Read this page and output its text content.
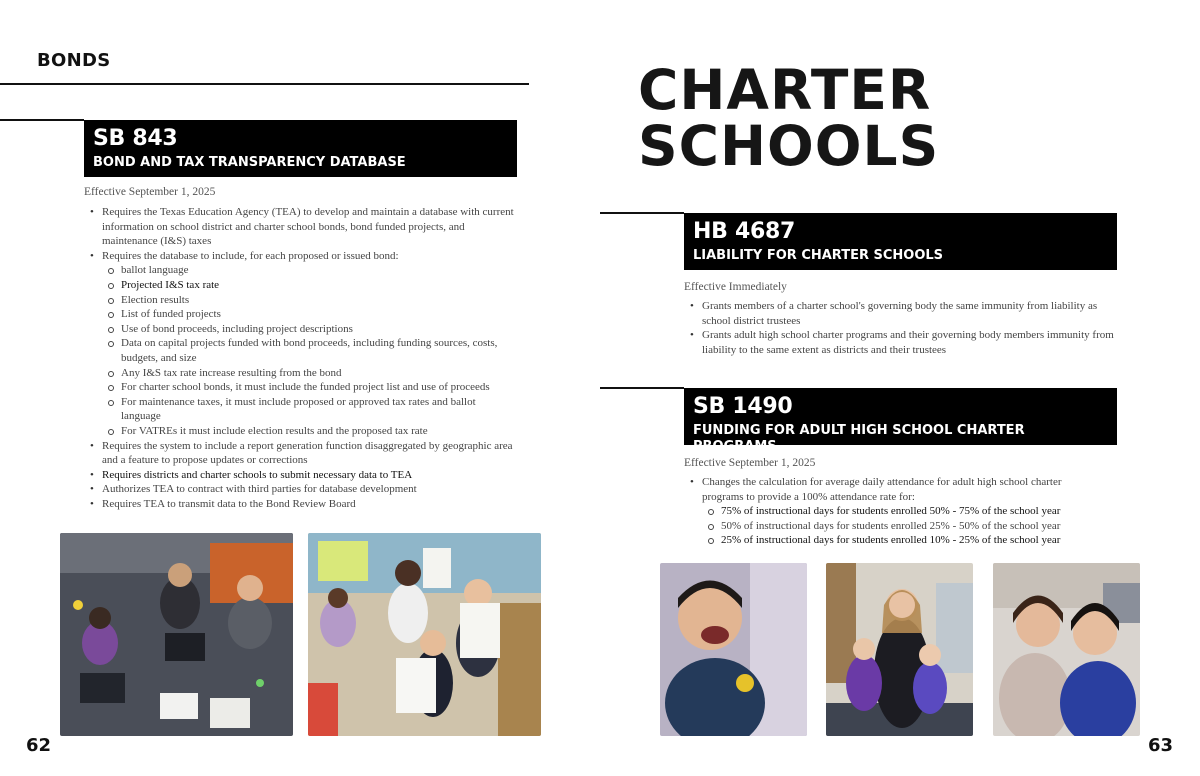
BONDS
SB 843
BOND AND TAX TRANSPARENCY DATABASE
Effective September 1, 2025
• Requires the Texas Education Agency (TEA) to develop and maintain a database with current information on school district and charter school bonds, bond funded projects, and maintenance (I&S) taxes
• Requires the database to include, for each proposed or issued bond:
ballot language
Projected I&S tax rate
Election results
List of funded projects
Use of bond proceeds, including project descriptions
Data on capital projects funded with bond proceeds, including funding sources, costs, budgets, and size
Any I&S tax rate increase resulting from the bond
For charter school bonds, it must include the funded project list and use of proceeds
For maintenance taxes, it must include proposed or approved tax rates and ballot language
For VATREs it must include election results and the proposed tax rate
• Requires the system to include a report generation function disaggregated by geographic area and a feature to propose updates or corrections
• Requires districts and charter schools to submit necessary data to TEA
• Authorizes TEA to contract with third parties for database development
• Requires TEA to transmit data to the Bond Review Board
62
CHARTER
SCHOOLS
HB 4687
LIABILITY FOR CHARTER SCHOOLS
Effective Immediately
• Grants members of a charter school's governing body the same immunity from liability as school district trustees
• Grants adult high school charter programs and their governing body members immunity from liability to the same extent as districts and their trustees
SB 1490
FUNDING FOR ADULT HIGH SCHOOL CHARTER PROGRAMS
Effective September 1, 2025
• Changes the calculation for average daily attendance for adult high school charter programs to provide a 100% attendance rate for:
75% of instructional days for students enrolled 50% - 75% of the school year
50% of instructional days for students enrolled 25% - 50% of the school year
25% of instructional days for students enrolled 10% - 25% of the school year
63
